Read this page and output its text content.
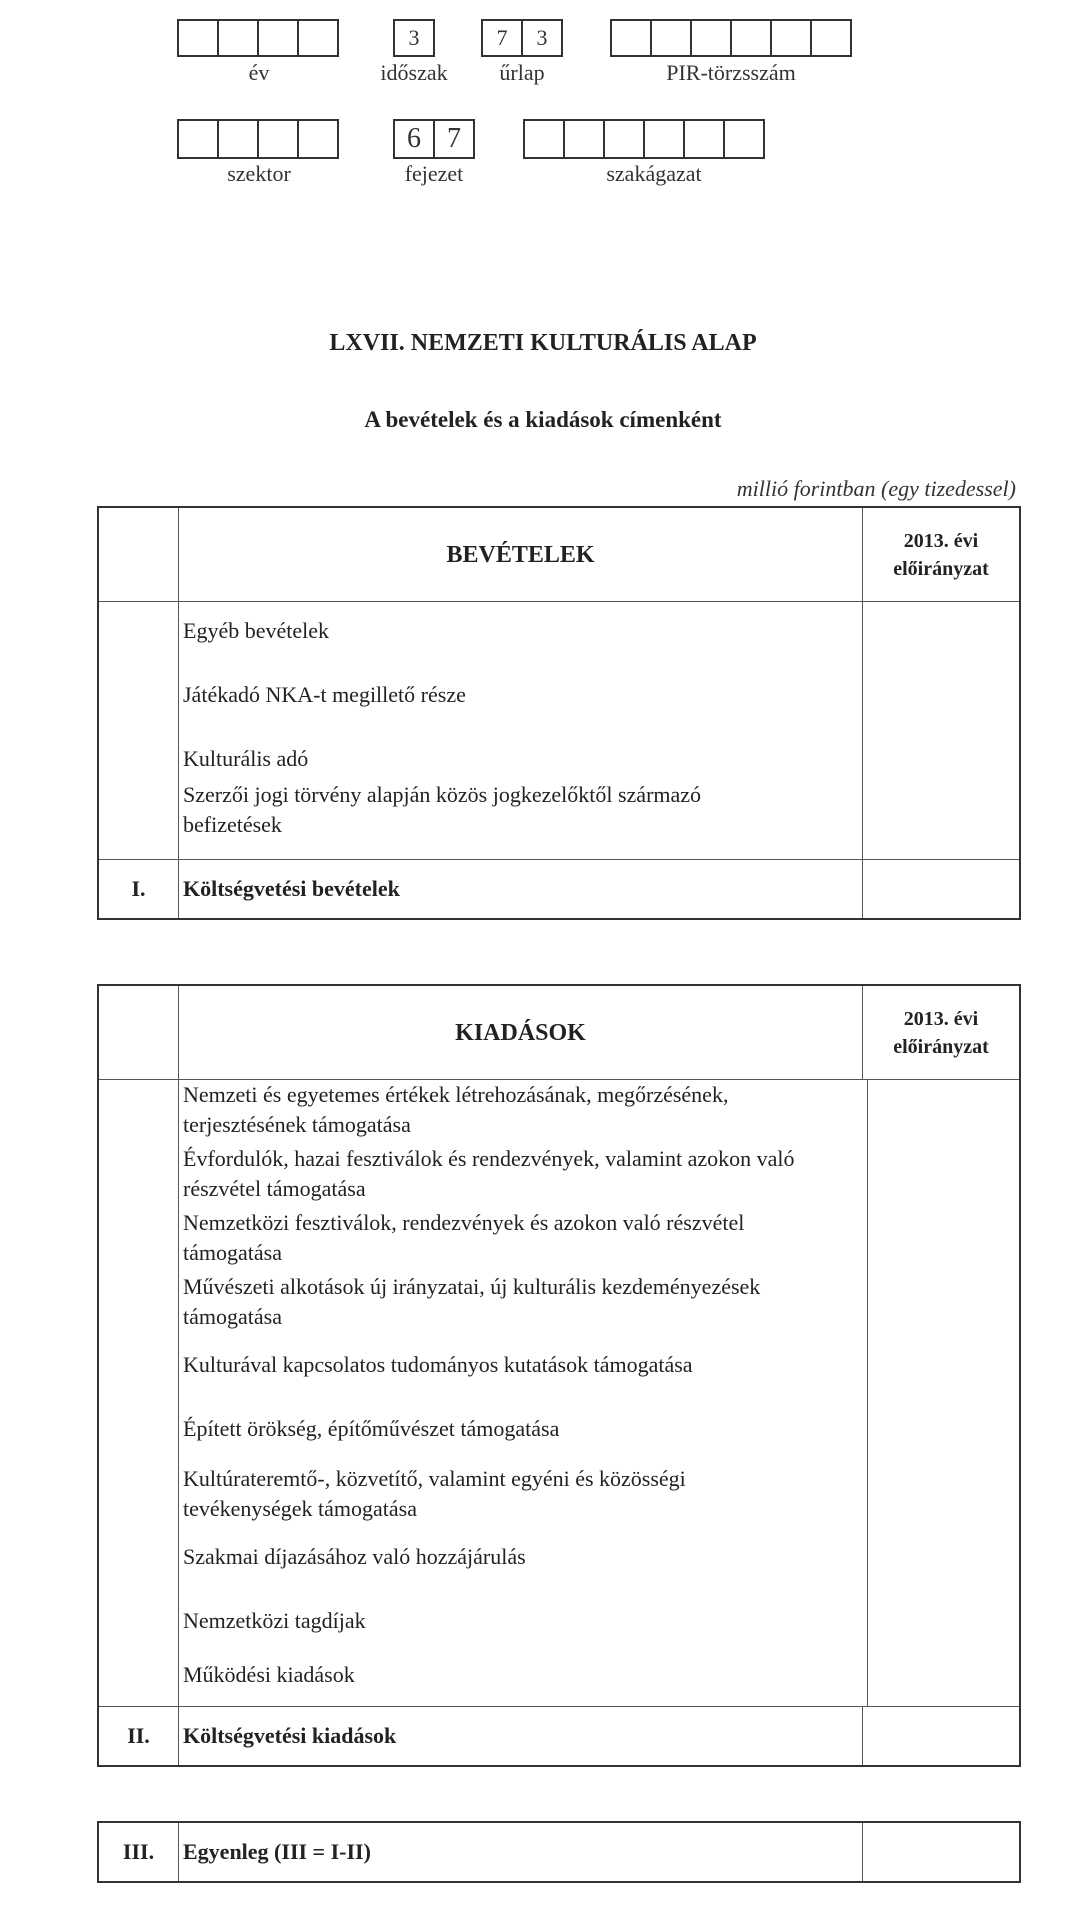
év
3
időszak
7	3
űrlap	PIR-törzsszám
szektor
6 7
fejezet	szakágazat
LXVII. NEMZETI KULTURÁLIS ALAP
A bevételek és a kiadások címenként
millió forintban (egy tizedessel)
BEVÉTELEK
2013. évi
előirányzat
Egyéb bevételek
Játékadó NKA-t megillető része
Kulturális adó
Szerzői jogi törvény alapján közös jogkezelőktől származó befizetések
I.	Költségvetési bevételek
KIADÁSOK
2013. évi
előirányzat
Nemzeti és egyetemes értékek létrehozásának, megőrzésének, terjesztésének támogatása
Évfordulók, hazai fesztiválok és rendezvények, valamint azokon való részvétel támogatása
Nemzetközi fesztiválok, rendezvények és azokon való részvétel támogatása
Művészeti alkotások új irányzatai, új kulturális kezdeményezések támogatása
Kulturával kapcsolatos tudományos kutatások támogatása
Épített örökség, építőművészet támogatása
Kultúrateremtő-, közvetítő, valamint egyéni és közösségi tevékenységek támogatása
Szakmai díjazásához való hozzájárulás
Nemzetközi tagdíjak
Működési kiadások
II.	Költségvetési kiadások
III.	Egyenleg (III = I-II)
